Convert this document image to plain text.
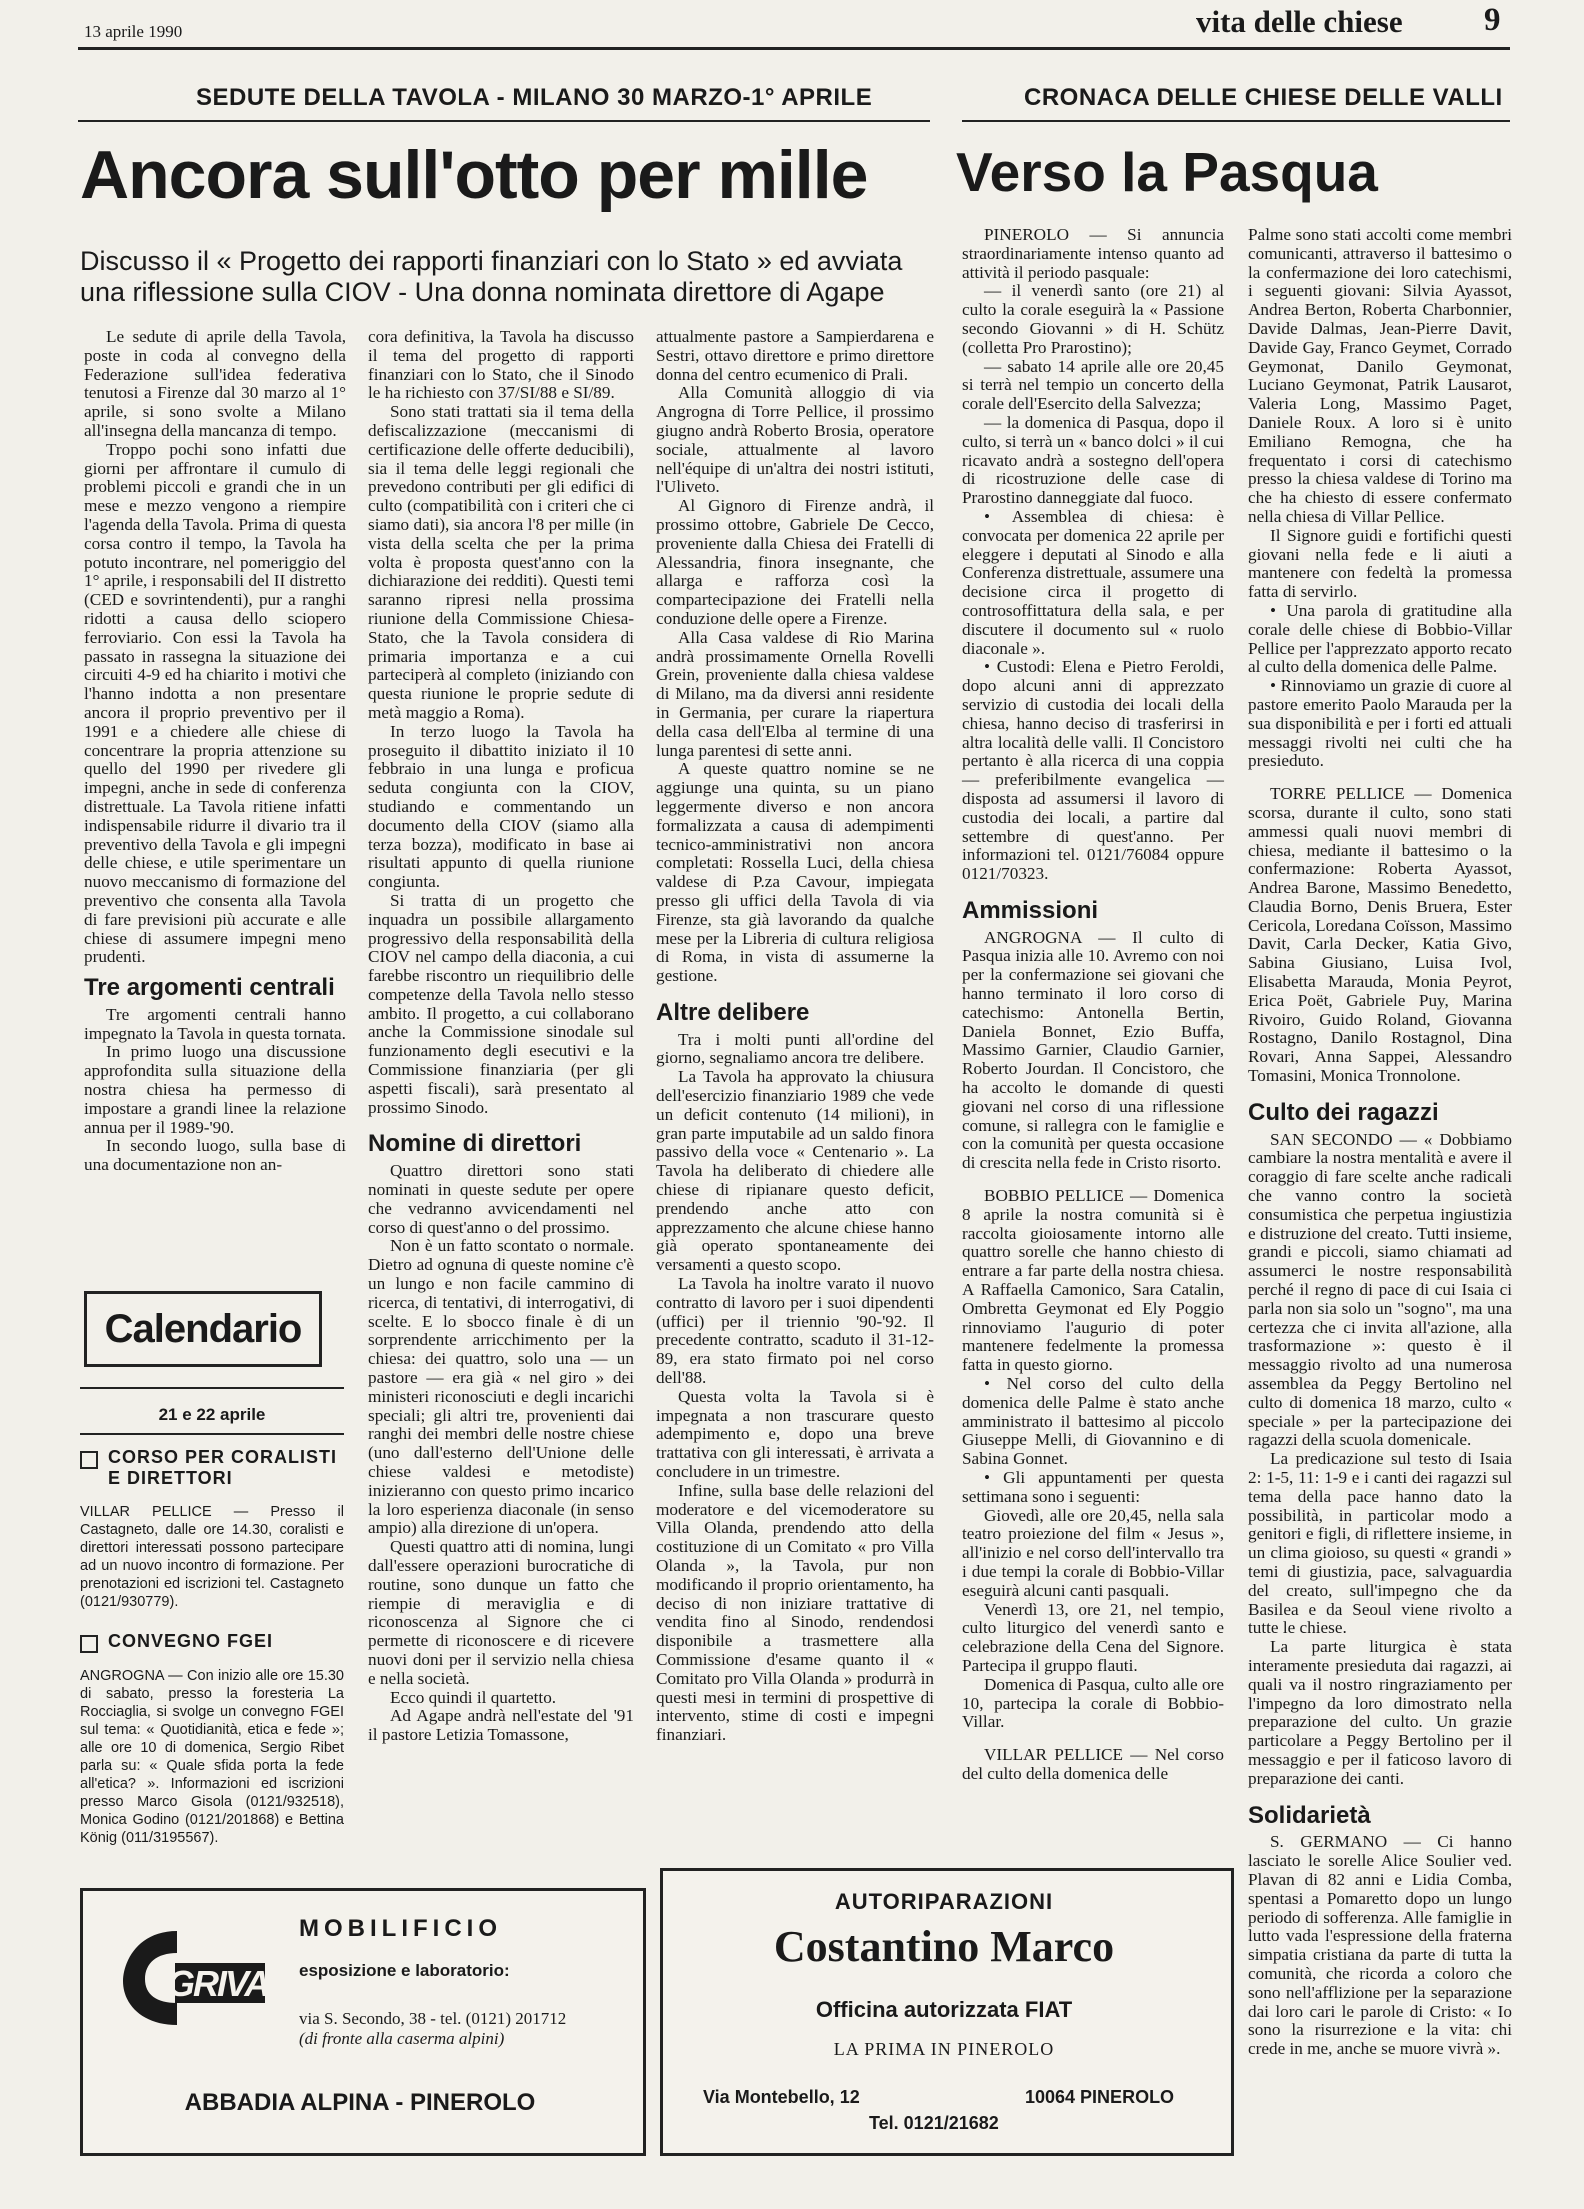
13 aprile 1990	vita delle chiese 9
SEDUTE DELLA TAVOLA - MILANO 30 MARZO-1° APRILE	CRONACA DELLE CHIESE DELLE VALLI
Ancora sull'otto per mille Verso la Pasqua
Discusso il « Progetto dei rapporti finanziari con lo Stato » ed avviata una riflessione sulla CIOV - Una donna nominata direttore di Agape

Le sedute di aprile della Tavola, poste in coda al convegno della Federazione sull'idea federativa tenutosi a Firenze dal 30 marzo al 1° aprile, si sono svolte a Milano all'insegna della mancanza di tempo.

Troppo pochi sono infatti due giorni per affrontare il cumulo di problemi piccoli e grandi che in un mese e mezzo vengono a riempire l'agenda della Tavola. Prima di questa corsa contro il tempo, la Tavola ha potuto incontrare, nel pomeriggio del 1° aprile, i responsabili del II distretto (CED e sovrintendenti), pur a ranghi ridotti a causa dello sciopero ferroviario. Con essi la Tavola ha passato in rassegna la situazione dei circuiti 4-9 ed ha chiarito i motivi che l'hanno indotta a non presentare ancora il proprio preventivo per il 1991 e a chiedere alle chiese di concentrare la propria attenzione su quello del 1990 per rivedere gli impegni, anche in sede di conferenza distrettuale. La Tavola ritiene infatti indispensabile ridurre il divario tra il preventivo della Tavola e gli impegni delle chiese, e utile sperimentare un nuovo meccanismo di formazione del preventivo che consenta alla Tavola di fare previsioni più accurate e alle chiese di assumere impegni meno prudenti.

Tre argomenti centrali

Tre argomenti centrali hanno impegnato la Tavola in questa tornata.

In primo luogo una discussione approfondita sulla situazione della nostra chiesa ha permesso di impostare a grandi linee la relazione annua per il 1989-'90.

In secondo luogo, sulla base di una documentazione non an-

Calendario
21 e 22 aprile
CORSO PER CORALISTI E DIRETTORI
VILLAR PELLICE — Presso il Castagneto, dalle ore 14.30, coralisti e direttori interessati possono partecipare ad un nuovo incontro di formazione. Per prenotazioni ed iscrizioni tel. Castagneto (0121/930779).
CONVEGNO FGEI
ANGROGNA — Con inizio alle ore 15.30 di sabato, presso la foresteria La Rocciaglia, si svolge un convegno FGEI sul tema: « Quotidianità, etica e fede »; alle ore 10 di domenica, Sergio Ribet parla su: « Quale sfida porta la fede all'etica? ». Informazioni ed iscrizioni presso Marco Gisola (0121/932518), Monica Godino (0121/201868) e Bettina König (011/3195567).

cora definitiva, la Tavola ha discusso il tema del progetto di rapporti finanziari con lo Stato, che il Sinodo le ha richiesto con 37/SI/88 e SI/89.

Sono stati trattati sia il tema della defiscalizzazione (meccanismi di certificazione delle offerte deducibili), sia il tema delle leggi regionali che prevedono contributi per gli edifici di culto (compatibilità con i criteri che ci siamo dati), sia ancora l'8 per mille (in vista della scelta che per la prima volta è proposta quest'anno con la dichiarazione dei redditi). Questi temi saranno ripresi nella prossima riunione della Commissione Chiesa-Stato, che la Tavola considera di primaria importanza e a cui parteciperà al completo (iniziando con questa riunione le proprie sedute di metà maggio a Roma).

In terzo luogo la Tavola ha proseguito il dibattito iniziato il 10 febbraio in una lunga e proficua seduta congiunta con la CIOV, studiando e commentando un documento della CIOV (siamo alla terza bozza), modificato in base ai risultati appunto di quella riunione congiunta.

Si tratta di un progetto che inquadra un possibile allargamento progressivo della responsabilità della CIOV nel campo della diaconia, a cui farebbe riscontro un riequilibrio delle competenze della Tavola nello stesso ambito. Il progetto, a cui collaborano anche la Commissione sinodale sul funzionamento degli esecutivi e la Commissione finanziaria (per gli aspetti fiscali), sarà presentato al prossimo Sinodo.

Nomine di direttori

Quattro direttori sono stati nominati in queste sedute per opere che vedranno avvicendamenti nel corso di quest'anno o del prossimo.

Non è un fatto scontato o normale. Dietro ad ognuna di queste nomine c'è un lungo e non facile cammino di ricerca, di tentativi, di interrogativi, di scelte. E lo sbocco finale è di un sorprendente arricchimento per la chiesa: dei quattro, solo una — un pastore — era già « nel giro » dei ministeri riconosciuti e degli incarichi speciali; gli altri tre, provenienti dai ranghi dei membri delle nostre chiese (uno dall'esterno dell'Unione delle chiese valdesi e metodiste) inizieranno con questo primo incarico la loro esperienza diaconale (in senso ampio) alla direzione di un'opera.

Questi quattro atti di nomina, lungi dall'essere operazioni burocratiche di routine, sono dunque un fatto che riempie di meraviglia e di riconoscenza al Signore che ci permette di riconoscere e di ricevere nuovi doni per il servizio nella chiesa e nella società.

Ecco quindi il quartetto.

Ad Agape andrà nell'estate del '91 il pastore Letizia Tomassone,

attualmente pastore a Sampierdarena e Sestri, ottavo direttore e primo direttore donna del centro ecumenico di Prali.

Alla Comunità alloggio di via Angrogna di Torre Pellice, il prossimo giugno andrà Roberto Brosia, operatore sociale, attualmente al lavoro nell'équipe di un'altra dei nostri istituti, l'Uliveto.

Al Gignoro di Firenze andrà, il prossimo ottobre, Gabriele De Cecco, proveniente dalla Chiesa dei Fratelli di Alessandria, finora insegnante, che allarga e rafforza così la compartecipazione dei Fratelli nella conduzione delle opere a Firenze.

Alla Casa valdese di Rio Marina andrà prossimamente Ornella Rovelli Grein, proveniente dalla chiesa valdese di Milano, ma da diversi anni residente in Germania, per curare la riapertura della casa dell'Elba al termine di una lunga parentesi di sette anni.

A queste quattro nomine se ne aggiunge una quinta, su un piano leggermente diverso e non ancora formalizzata a causa di adempimenti tecnico-amministrativi non ancora completati: Rossella Luci, della chiesa valdese di P.za Cavour, impiegata presso gli uffici della Tavola di via Firenze, sta già lavorando da qualche mese per la Libreria di cultura religiosa di Roma, in vista di assumerne la gestione.

Altre delibere

Tra i molti punti all'ordine del giorno, segnaliamo ancora tre delibere.

La Tavola ha approvato la chiusura dell'esercizio finanziario 1989 che vede un deficit contenuto (14 milioni), in gran parte imputabile ad un saldo finora passivo della voce « Centenario ». La Tavola ha deliberato di chiedere alle chiese di ripianare questo deficit, prendendo anche atto con apprezzamento che alcune chiese hanno già operato spontaneamente dei versamenti a questo scopo.

La Tavola ha inoltre varato il nuovo contratto di lavoro per i suoi dipendenti (uffici) per il triennio '90-'92. Il precedente contratto, scaduto il 31-12-89, era stato firmato poi nel corso dell'88.

Questa volta la Tavola si è impegnata a non trascurare questo adempimento e, dopo una breve trattativa con gli interessati, è arrivata a concludere in un trimestre.

Infine, sulla base delle relazioni del moderatore e del vicemoderatore su Villa Olanda, prendendo atto della costituzione di un Comitato « pro Villa Olanda », la Tavola, pur non modificando il proprio orientamento, ha deciso di non iniziare trattative di vendita fino al Sinodo, rendendosi disponibile a trasmettere alla Commissione d'esame quanto il « Comitato pro Villa Olanda » produrrà in questi mesi in termini di prospettive di intervento, stime di costi e impegni finanziari.

PINEROLO — Si annuncia straordinariamente intenso quanto ad attività il periodo pasquale:

— il venerdì santo (ore 21) al culto la corale eseguirà la « Passione secondo Giovanni » di H. Schütz (colletta Pro Prarostino);

— sabato 14 aprile alle ore 20,45 si terrà nel tempio un concerto della corale dell'Esercito della Salvezza;

— la domenica di Pasqua, dopo il culto, si terrà un « banco dolci » il cui ricavato andrà a sostegno dell'opera di ricostruzione delle case di Prarostino danneggiate dal fuoco.

• Assemblea di chiesa: è convocata per domenica 22 aprile per eleggere i deputati al Sinodo e alla Conferenza distrettuale, assumere una decisione circa il progetto di controsoffittatura della sala, e per discutere il documento sul « ruolo diaconale ».

• Custodi: Elena e Pietro Feroldi, dopo alcuni anni di apprezzato servizio di custodia dei locali della chiesa, hanno deciso di trasferirsi in altra località delle valli. Il Concistoro pertanto è alla ricerca di una coppia — preferibilmente evangelica — disposta ad assumersi il lavoro di custodia dei locali, a partire dal settembre di quest'anno. Per informazioni tel. 0121/76084 oppure 0121/70323.

Ammissioni

ANGROGNA — Il culto di Pasqua inizia alle 10. Avremo con noi per la confermazione sei giovani che hanno terminato il loro corso di catechismo: Antonella Bertin, Daniela Bonnet, Ezio Buffa, Massimo Garnier, Claudio Garnier, Roberto Jourdan. Il Concistoro, che ha accolto le domande di questi giovani nel corso di una riflessione comune, si rallegra con le famiglie e con la comunità per questa occasione di crescita nella fede in Cristo risorto.

BOBBIO PELLICE — Domenica 8 aprile la nostra comunità si è raccolta gioiosamente intorno alle quattro sorelle che hanno chiesto di entrare a far parte della nostra chiesa. A Raffaella Camonico, Sara Catalin, Ombretta Geymonat ed Ely Poggio rinnoviamo l'augurio di poter mantenere fedelmente la promessa fatta in questo giorno.

• Nel corso del culto della domenica delle Palme è stato anche amministrato il battesimo al piccolo Giuseppe Melli, di Giovannino e di Sabina Gonnet.

• Gli appuntamenti per questa settimana sono i seguenti:

Giovedì, alle ore 20,45, nella sala teatro proiezione del film « Jesus », all'inizio e nel corso dell'intervallo tra i due tempi la corale di Bobbio-Villar eseguirà alcuni canti pasquali.

Venerdì 13, ore 21, nel tempio, culto liturgico del venerdì santo e celebrazione della Cena del Signore. Partecipa il gruppo flauti.

Domenica di Pasqua, culto alle ore 10, partecipa la corale di Bobbio-Villar.

VILLAR PELLICE — Nel corso del culto della domenica delle

Palme sono stati accolti come membri comunicanti, attraverso il battesimo o la confermazione dei loro catechismi, i seguenti giovani: Silvia Ayassot, Andrea Berton, Roberta Charbonnier, Davide Dalmas, Jean-Pierre Davit, Davide Gay, Franco Geymet, Corrado Geymonat, Danilo Geymonat, Luciano Geymonat, Patrik Lausarot, Valeria Long, Massimo Paget, Daniele Roux. A loro si è unito Emiliano Remogna, che ha frequentato i corsi di catechismo presso la chiesa valdese di Torino ma che ha chiesto di essere confermato nella chiesa di Villar Pellice.

Il Signore guidi e fortifichi questi giovani nella fede e li aiuti a mantenere con fedeltà la promessa fatta di servirlo.

• Una parola di gratitudine alla corale delle chiese di Bobbio-Villar Pellice per l'apprezzato apporto recato al culto della domenica delle Palme.

• Rinnoviamo un grazie di cuore al pastore emerito Paolo Marauda per la sua disponibilità e per i forti ed attuali messaggi rivolti nei culti che ha presieduto.

TORRE PELLICE — Domenica scorsa, durante il culto, sono stati ammessi quali nuovi membri di chiesa, mediante il battesimo o la confermazione: Roberta Ayassot, Andrea Barone, Massimo Benedetto, Claudia Borno, Denis Bruera, Ester Cericola, Loredana Coïsson, Massimo Davit, Carla Decker, Katia Givo, Sabina Giusiano, Luisa Ivol, Elisabetta Marauda, Monia Peyrot, Erica Poët, Gabriele Puy, Marina Rivoiro, Guido Roland, Giovanna Rostagno, Danilo Rostagnol, Dina Rovari, Anna Sappei, Alessandro Tomasini, Monica Tronnolone.

Culto dei ragazzi

SAN SECONDO — « Dobbiamo cambiare la nostra mentalità e avere il coraggio di fare scelte anche radicali che vanno contro la società consumistica che perpetua ingiustizia e distruzione del creato. Tutti insieme, grandi e piccoli, siamo chiamati ad assumerci le nostre responsabilità perché il regno di pace di cui Isaia ci parla non sia solo un "sogno", ma una certezza che ci invita all'azione, alla trasformazione »: questo è il messaggio rivolto ad una numerosa assemblea da Peggy Bertolino nel culto di domenica 18 marzo, culto « speciale » per la partecipazione dei ragazzi della scuola domenicale.

La predicazione sul testo di Isaia 2: 1-5, 11: 1-9 e i canti dei ragazzi sul tema della pace hanno dato la possibilità, in particolar modo a genitori e figli, di riflettere insieme, in un clima gioioso, su questi « grandi » temi di giustizia, pace, salvaguardia del creato, sull'impegno che da Basilea e da Seoul viene rivolto a tutte le chiese.

La parte liturgica è stata interamente presieduta dai ragazzi, ai quali va il nostro ringraziamento per l'impegno da loro dimostrato nella preparazione del culto. Un grazie particolare a Peggy Bertolino per il messaggio e per il faticoso lavoro di preparazione dei canti.

Solidarietà

S. GERMANO — Ci hanno lasciato le sorelle Alice Soulier ved. Plavan di 82 anni e Lidia Comba, spentasi a Pomaretto dopo un lungo periodo di sofferenza. Alle famiglie in lutto vada l'espressione della fraterna simpatia cristiana da parte di tutta la comunità, che ricorda a coloro che sono nell'afflizione per la separazione dai loro cari le parole di Cristo: « Io sono la risurrezione e la vita: chi crede in me, anche se muore vivrà ».

GRIVA
MOBILIFICIO
esposizione e laboratorio:
via S. Secondo, 38 - tel. (0121) 201712
(di fronte alla caserma alpini)
ABBADIA ALPINA - PINEROLO
AUTORIPARAZIONI
Costantino Marco
Officina autorizzata FIAT
LA PRIMA IN PINEROLO
Via Montebello, 12	10064 PINEROLO
Tel. 0121/21682
